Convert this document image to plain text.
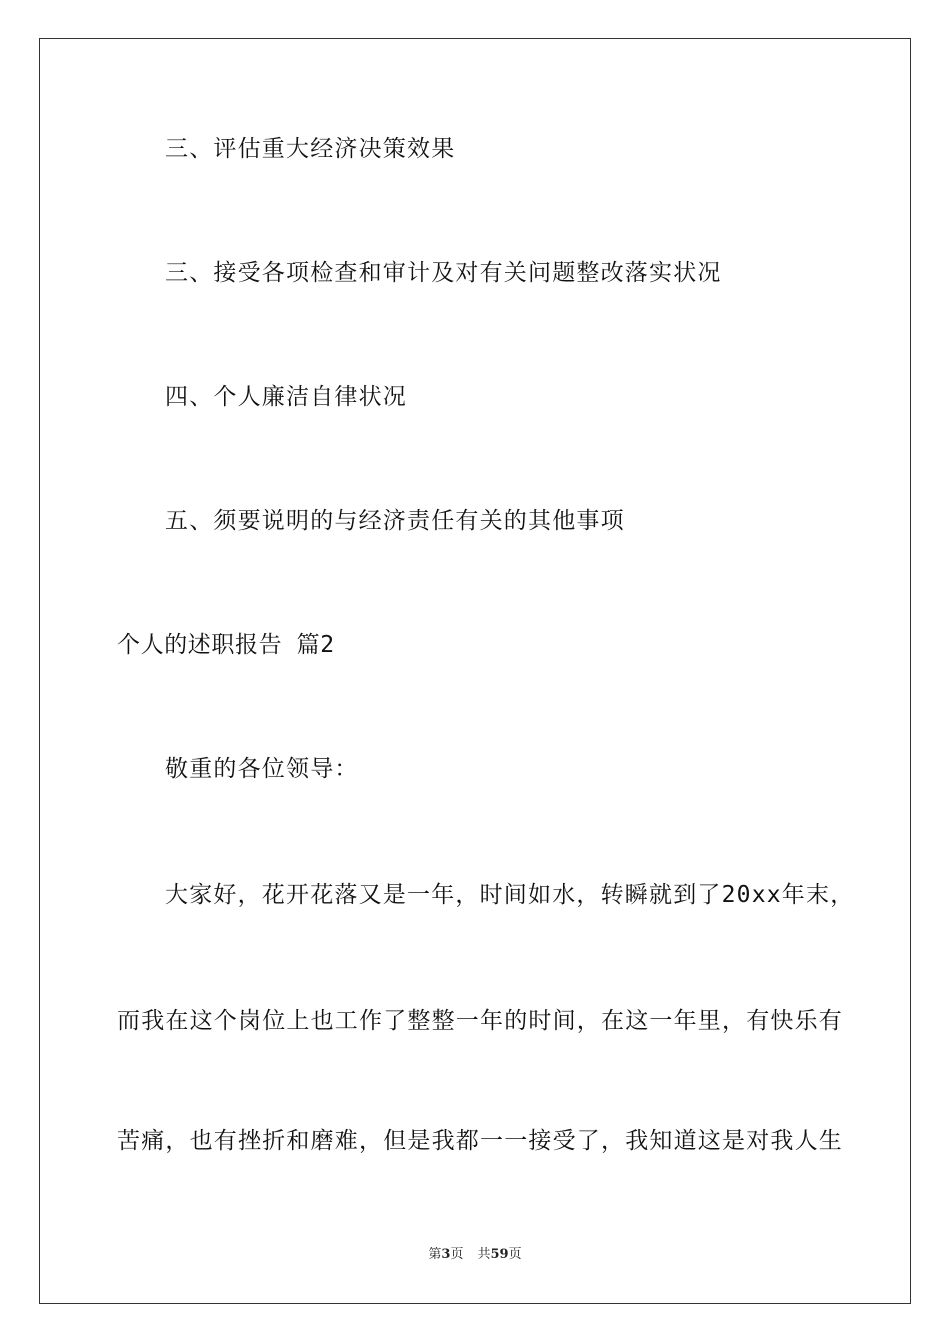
三、评估重大经济决策效果
三、接受各项检查和审计及对有关问题整改落实状况
四、个人廉洁自律状况
五、须要说明的与经济责任有关的其他事项
个人的述职报告 篇2
敬重的各位领导：
大家好，花开花落又是一年，时间如水，转瞬就到了20xx年末，
而我在这个岗位上也工作了整整一年的时间，在这一年里，有快乐有
苦痛，也有挫折和磨难，但是我都一一接受了，我知道这是对我人生
第3页 共59页
